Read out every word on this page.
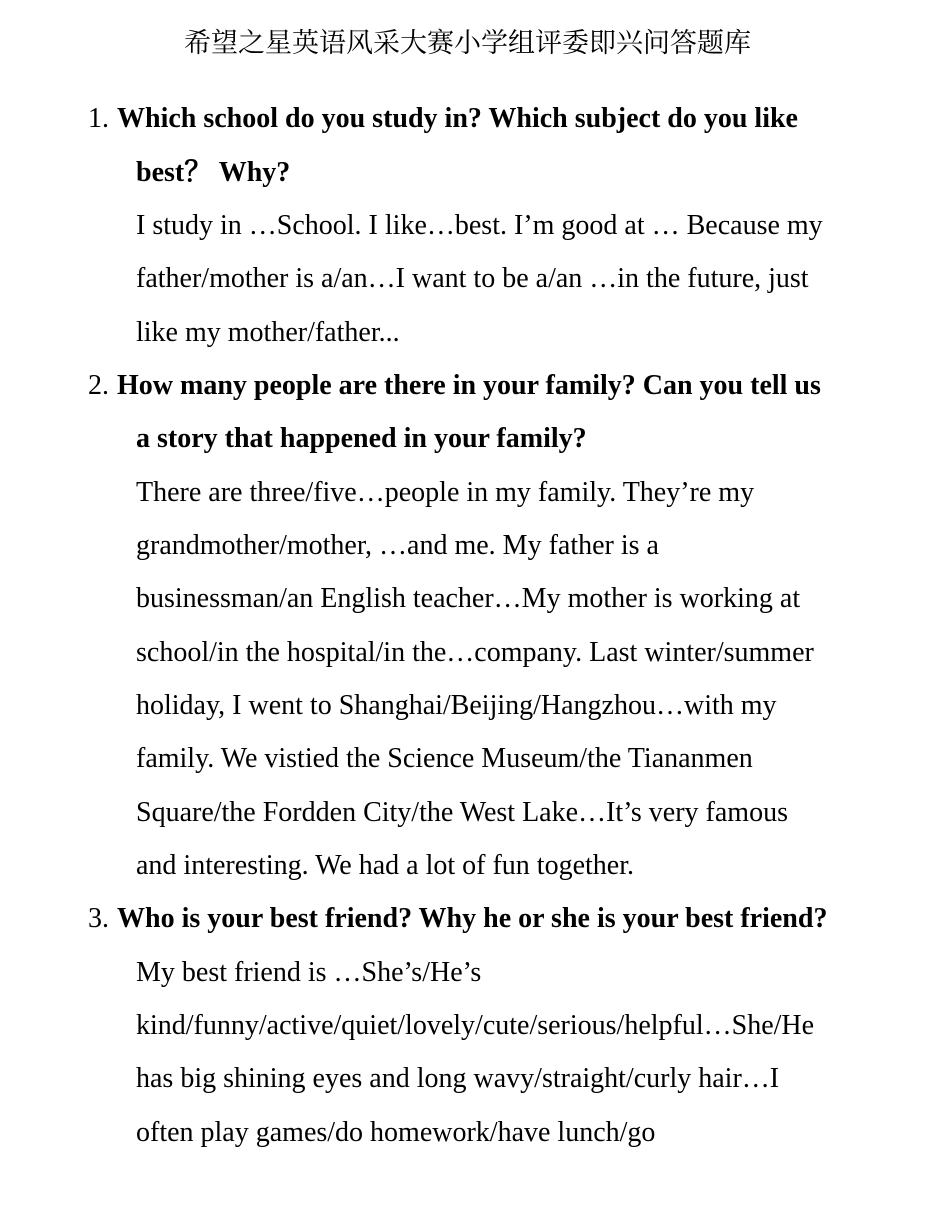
希望之星英语风采大赛小学组评委即兴问答题库
1. Which school do you study in? Which subject do you like
best？ Why?
I study in …School. I like…best. I’m good at … Because my
father/mother is a/an…I want to be a/an …in the future, just
like my mother/father...
2. How many people are there in your family? Can you tell us
a story that happened in your family?
There are three/five…people in my family. They’re my
grandmother/mother, …and me. My father is a
businessman/an English teacher…My mother is working at
school/in the hospital/in the…company. Last winter/summer
holiday, I went to Shanghai/Beijing/Hangzhou…with my
family. We vistied the Science Museum/the Tiananmen
Square/the Fordden City/the West Lake…It’s very famous
and interesting. We had a lot of fun together.
3. Who is your best friend? Why he or she is your best friend?
My best friend is …She’s/He’s
kind/funny/active/quiet/lovely/cute/serious/helpful…She/He
has big shining eyes and long wavy/straight/curly hair…I
often play games/do homework/have lunch/go
